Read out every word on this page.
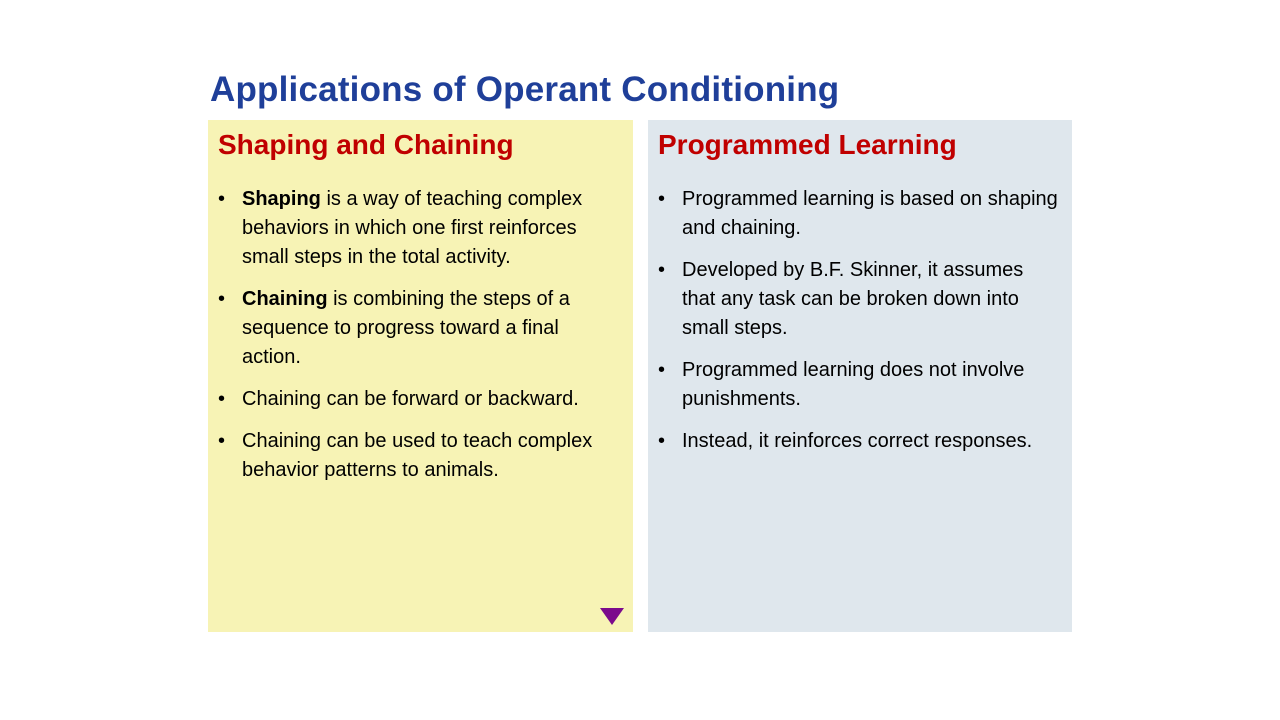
Applications of Operant Conditioning
Shaping and Chaining
• Shaping is a way of teaching complex behaviors in which one first reinforces small steps in the total activity.
• Chaining is combining the steps of a sequence to progress toward a final action.
• Chaining can be forward or backward.
• Chaining can be used to teach complex behavior patterns to animals.
Programmed Learning
• Programmed learning is based on shaping and chaining.
• Developed by B.F. Skinner, it assumes that any task can be broken down into small steps.
• Programmed learning does not involve punishments.
• Instead, it reinforces correct responses.
